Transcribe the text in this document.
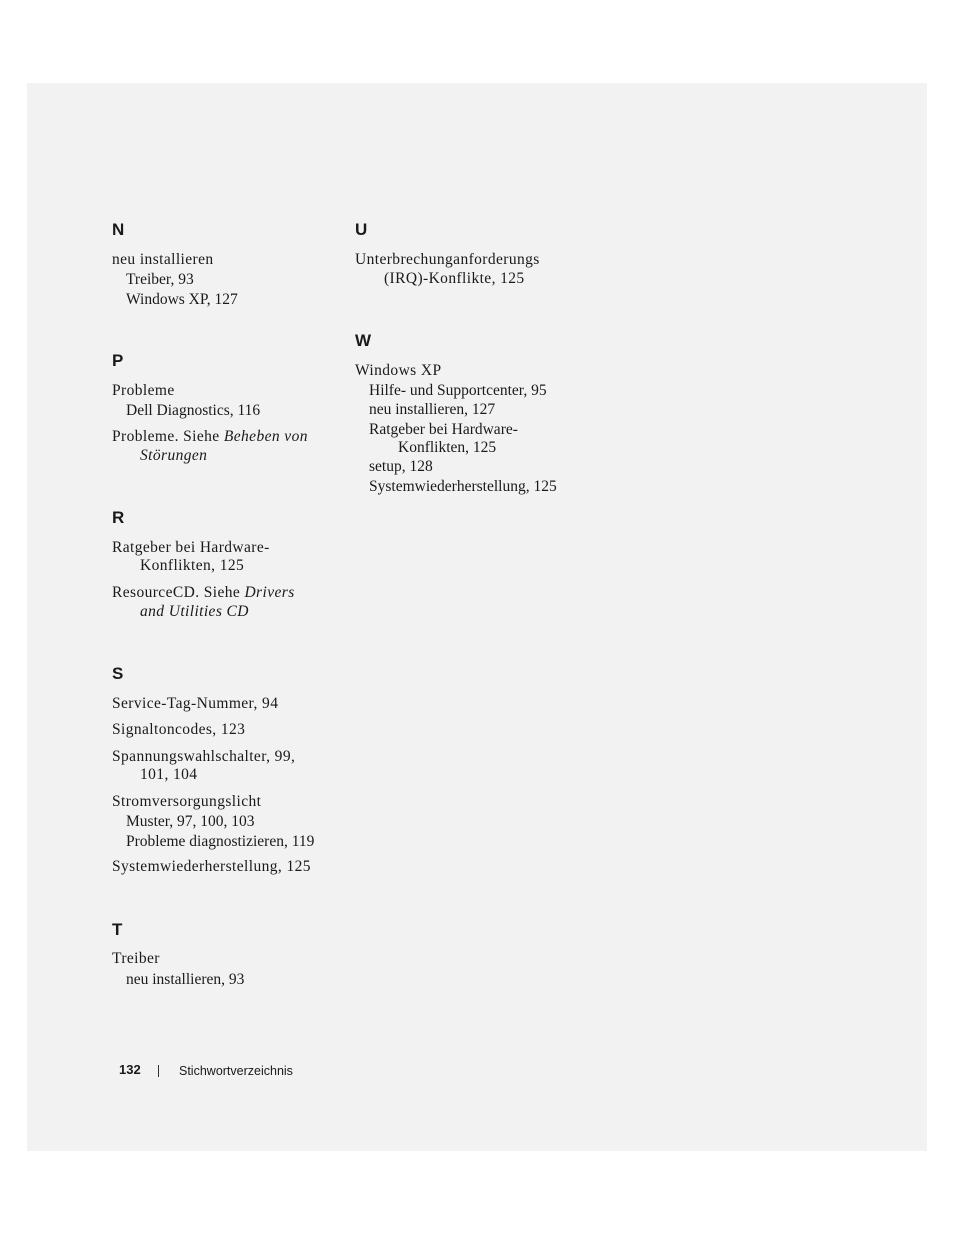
N
neu installieren
Treiber, 93
Windows XP, 127
P
Probleme
Dell Diagnostics, 116
Probleme. Siehe Beheben von
Störungen
R
Ratgeber bei Hardware-
Konflikten, 125
ResourceCD. Siehe Drivers
and Utilities CD
S
Service-Tag-Nummer, 94
Signaltoncodes, 123
Spannungswahlschalter, 99,
101, 104
Stromversorgungslicht
Muster, 97, 100, 103
Probleme diagnostizieren, 119
Systemwiederherstellung, 125
T
Treiber
neu installieren, 93
U
Unterbrechunganforderungs
(IRQ)-Konflikte, 125
W
Windows XP
Hilfe- und Supportcenter, 95
neu installieren, 127
Ratgeber bei Hardware-
Konflikten, 125
setup, 128
Systemwiederherstellung, 125
132	Stichwortverzeichnis
